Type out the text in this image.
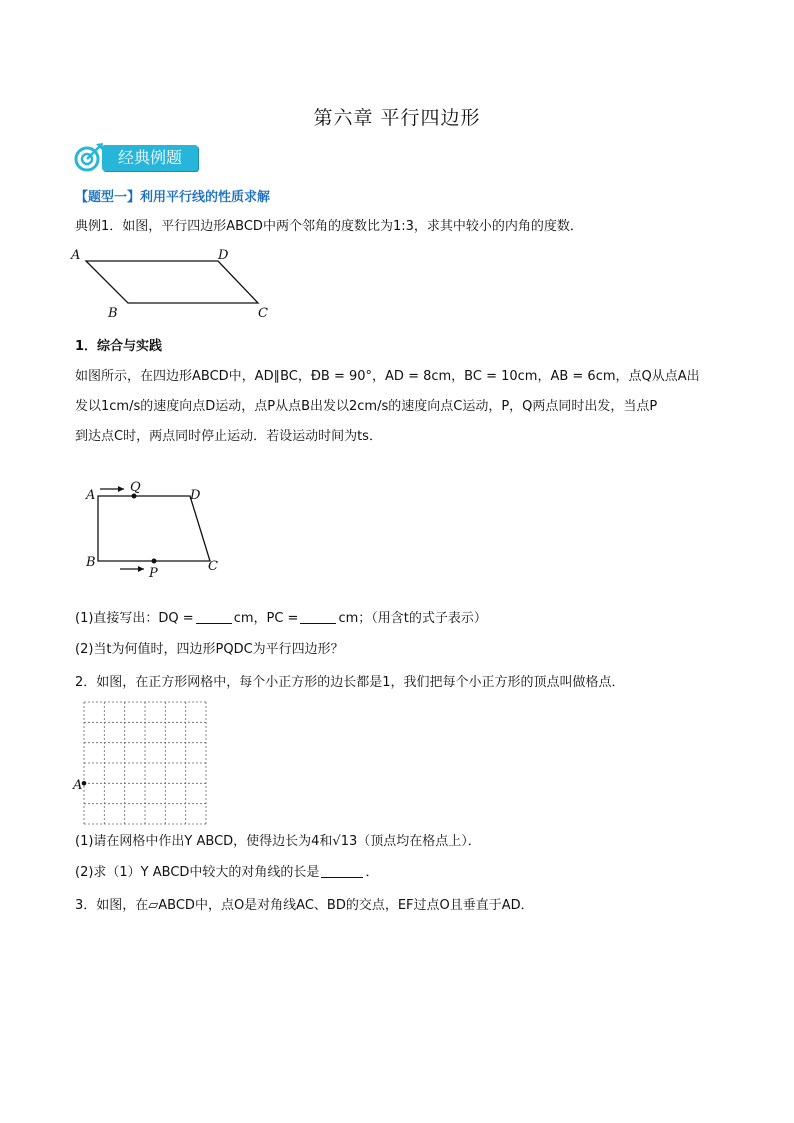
第六章 平行四边形
经典例题
【题型一】利用平行线的性质求解
典例1．如图，平行四边形ABCD中两个邻角的度数比为1:3，求其中较小的内角的度数．
A	D
B	C
1．综合与实践
如图所示，在四边形ABCD中，AD∥BC，ÐB = 90°，AD = 8cm，BC = 10cm，AB = 6cm，点Q从点A出
发以1cm/s的速度向点D运动，点P从点B出发以2cm/s的速度向点C运动，P，Q两点同时出发，当点P
到达点C时，两点同时停止运动．若设运动时间为ts．
A
Q
D
B
P	C
(1)直接写出：DQ =	cm，PC =	cm；（用含t的式子表示）
(2)当t为何值时，四边形PQDC为平行四边形？
2．如图，在正方形网格中，每个小正方形的边长都是1，我们把每个小正方形的顶点叫做格点．
A
(1)请在网格中作出Y ABCD，使得边长为4和√13（顶点均在格点上）．
(2)求（1）Y ABCD中较大的对角线的长是	．
3．如图，在▱ABCD中，点O是对角线AC、BD的交点，EF过点O且垂直于AD．
